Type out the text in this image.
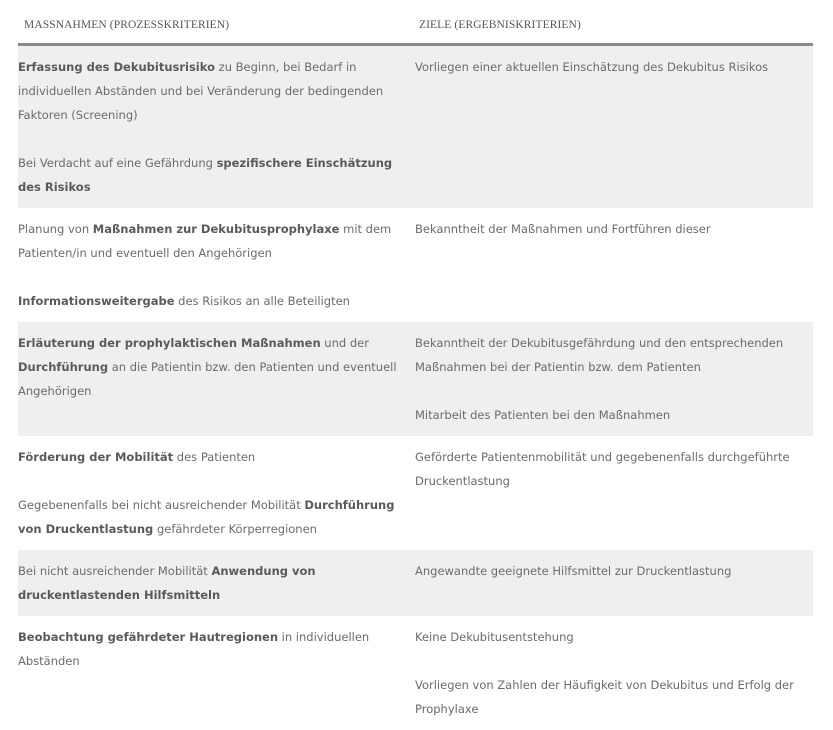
MASSNAHMEN (PROZESSKRITERIEN)	ZIELE (ERGEBNISKRITERIEN)
Erfassung des Dekubitusrisiko zu Beginn, bei Bedarf in individuellen Abständen und bei Veränderung der bedingenden Faktoren (Screening)
Bei Verdacht auf eine Gefährdung spezifischere Einschätzung des Risikos
Vorliegen einer aktuellen Einschätzung des Dekubitus Risikos
Planung von Maßnahmen zur Dekubitusprophylaxe mit dem Patienten/in und eventuell den Angehörigen
Informationsweitergabe des Risikos an alle Beteiligten
Bekanntheit der Maßnahmen und Fortführen dieser
Erläuterung der prophylaktischen Maßnahmen und der Durchführung an die Patientin bzw. den Patienten und eventuell Angehörigen
Bekanntheit der Dekubitusgefährdung und den entsprechenden Maßnahmen bei der Patientin bzw. dem Patienten
Mitarbeit des Patienten bei den Maßnahmen
Förderung der Mobilität des Patienten
Gegebenenfalls bei nicht ausreichender Mobilität Durchführung von Druckentlastung gefährdeter Körperregionen
Geförderte Patientenmobilität und gegebenenfalls durchgeführte Druckentlastung
Bei nicht ausreichender Mobilität Anwendung von druckentlastenden Hilfsmitteln
Angewandte geeignete Hilfsmittel zur Druckentlastung
Beobachtung gefährdeter Hautregionen in individuellen Abständen
Keine Dekubitusentstehung
Vorliegen von Zahlen der Häufigkeit von Dekubitus und Erfolg der Prophylaxe
